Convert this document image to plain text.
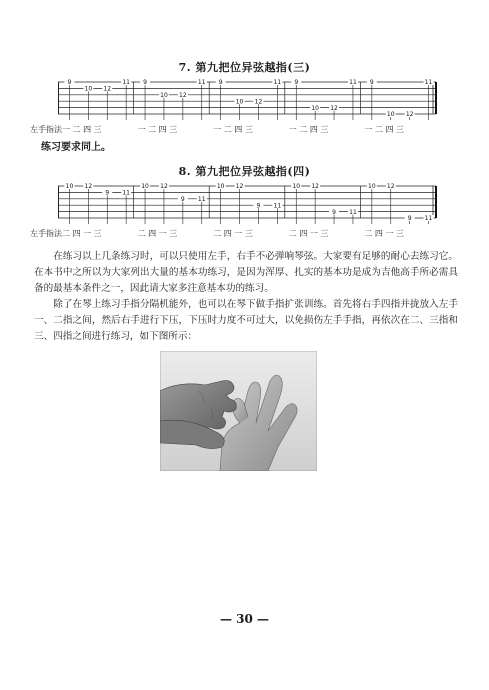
7. 第九把位异弦越指(三)
9
10 12
11 9
10 12
11 9
10 12
11 9
10 12
11 9
10 12
11
左手指法 一 二 四 三	一 二 四 三	一 二 四 三	一 二 四 三	一 二 四 三
练习要求同上。
8. 第九把位异弦越指(四)
10 12
9 11
10 12
9 11
10 12
9 11
10 12
9 11
10 12
9 11
左手指法 二 四 一 三	二 四 一 三	二 四 一 三	二 四 一 三	二 四 一 三

在练习以上几条练习时，可以只使用左手，右手不必弹响琴弦。大家要有足够的耐心去练习它。在本书中之所以为大家列出大量的基本功练习，是因为浑厚、扎实的基本功是成为吉他高手所必需具备的最基本条件之一，因此请大家多注意基本功的练习。

除了在琴上练习手指分隔机能外，也可以在琴下做手指扩张训练。首先将右手四指并拢放入左手一、二指之间，然后右手进行下压，下压时力度不可过大，以免损伤左手手指，再依次在二、三指和三、四指之间进行练习，如下图所示：

— 30 —
